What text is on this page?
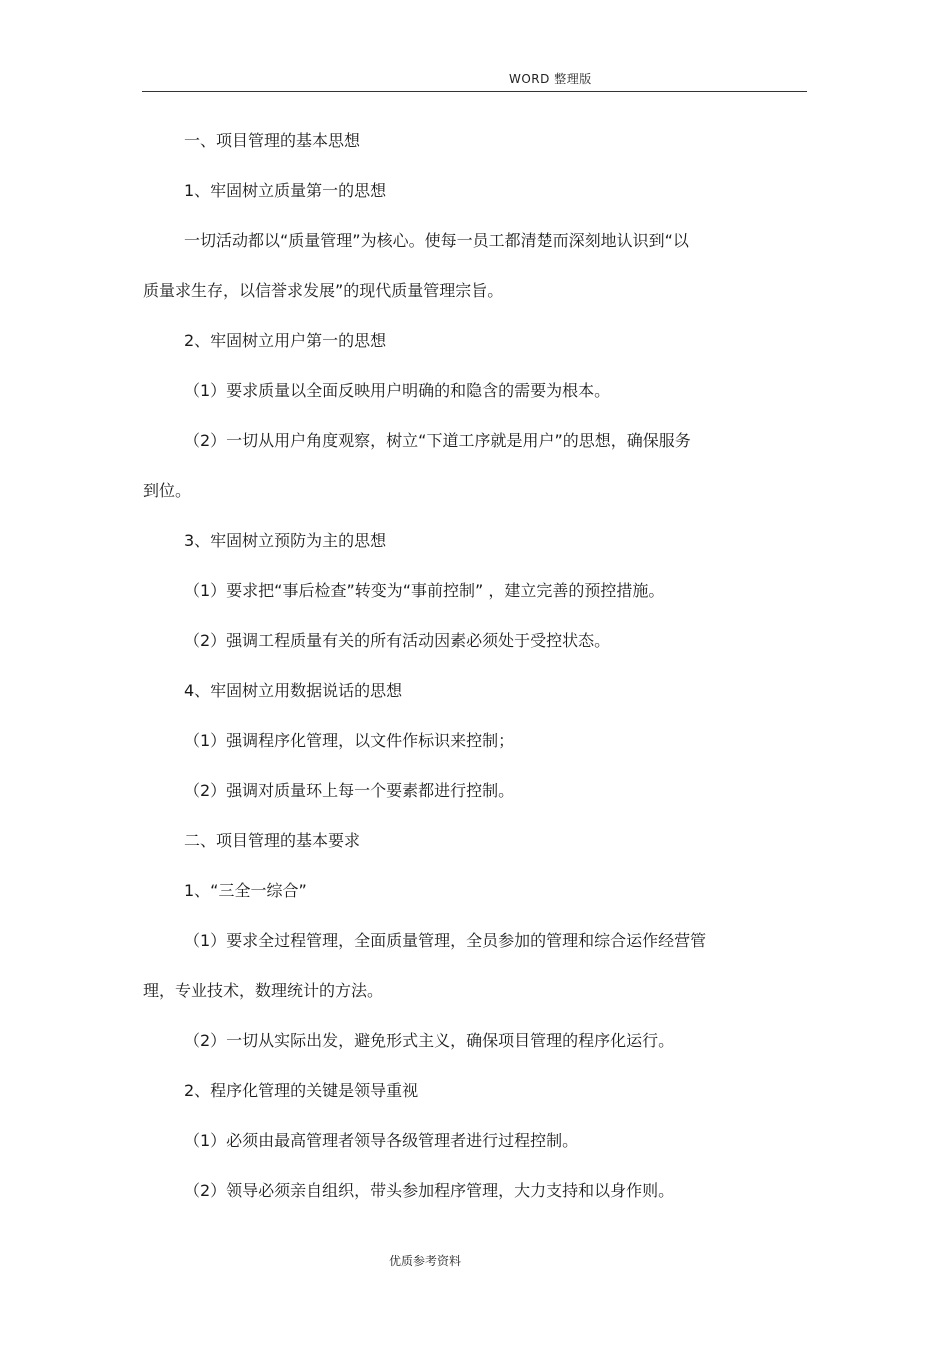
WORD 整理版
一、项目管理的基本思想
1、牢固树立质量第一的思想
一切活动都以“质量管理”为核心。使每一员工都清楚而深刻地认识到“以
质量求生存，以信誉求发展”的现代质量管理宗旨。
2、牢固树立用户第一的思想
（1）要求质量以全面反映用户明确的和隐含的需要为根本。
（2）一切从用户角度观察，树立“下道工序就是用户”的思想，确保服务
到位。
3、牢固树立预防为主的思想
（1）要求把“事后检查”转变为“事前控制” ，建立完善的预控措施。
（2）强调工程质量有关的所有活动因素必须处于受控状态。
4、牢固树立用数据说话的思想
（1）强调程序化管理，以文件作标识来控制；
（2）强调对质量环上每一个要素都进行控制。
二、项目管理的基本要求
1、“三全一综合”
（1）要求全过程管理，全面质量管理，全员参加的管理和综合运作经营管
理，专业技术，数理统计的方法。
（2）一切从实际出发，避免形式主义，确保项目管理的程序化运行。
2、程序化管理的关键是领导重视
（1）必须由最高管理者领导各级管理者进行过程控制。
（2）领导必须亲自组织，带头参加程序管理，大力支持和以身作则。
优质参考资料
